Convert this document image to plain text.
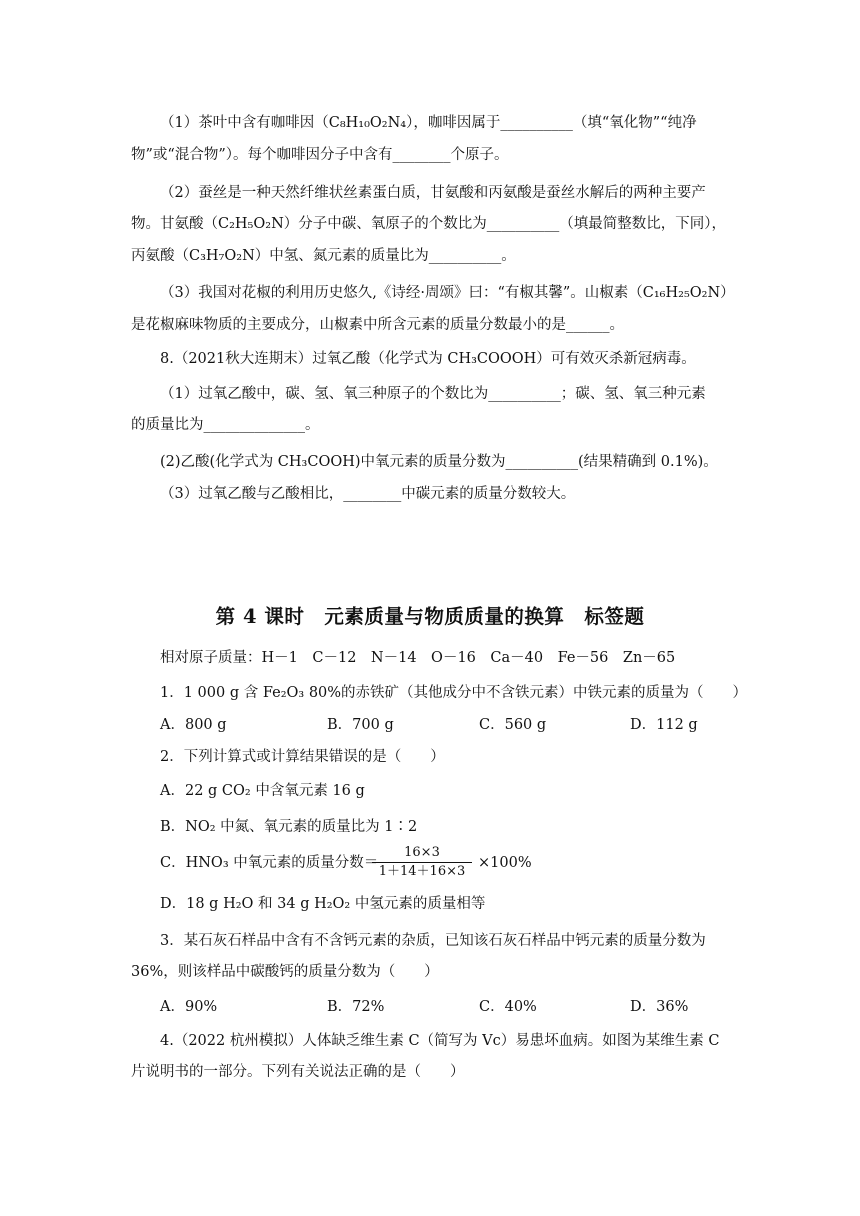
（1）茶叶中含有咖啡因（C₈H₁₀O₂N₄），咖啡因属于__________（填“氧化物”“纯净
物”或“混合物”）。每个咖啡因分子中含有________个原子。
（2）蚕丝是一种天然纤维状丝素蛋白质，甘氨酸和丙氨酸是蚕丝水解后的两种主要产
物。甘氨酸（C₂H₅O₂N）分子中碳、氧原子的个数比为__________（填最简整数比，下同），
丙氨酸（C₃H₇O₂N）中氢、氮元素的质量比为__________。
（3）我国对花椒的利用历史悠久,《诗经·周颂》曰：“有椒其馨”。山椒素（C₁₆H₂₅O₂N）
是花椒麻味物质的主要成分，山椒素中所含元素的质量分数最小的是______。
8.（2021秋大连期末）过氧乙酸（化学式为 CH₃COOOH）可有效灭杀新冠病毒。
（1）过氧乙酸中，碳、氢、氧三种原子的个数比为__________；碳、氢、氧三种元素
的质量比为______________。
(2)乙酸(化学式为 CH₃COOH)中氧元素的质量分数为__________(结果精确到 0.1%)。
（3）过氧乙酸与乙酸相比，________中碳元素的质量分数较大。
第 4 课时　元素质量与物质质量的换算　标签题
相对原子质量：H－1　C－12　N－14　O－16　Ca－40　Fe－56　Zn－65
1．1 000 g 含 Fe₂O₃ 80%的赤铁矿（其他成分中不含铁元素）中铁元素的质量为（　　）
A．800 g	B．700 g	C．560 g	D．112 g
2．下列计算式或计算结果错误的是（　　）
A．22 g CO₂ 中含氧元素 16 g
B．NO₂ 中氮、氧元素的质量比为 1∶2
C．HNO₃ 中氧元素的质量分数＝
16×3
1＋14＋16×3
×100%
D．18 g H₂O 和 34 g H₂O₂ 中氢元素的质量相等
3．某石灰石样品中含有不含钙元素的杂质，已知该石灰石样品中钙元素的质量分数为
36%，则该样品中碳酸钙的质量分数为（　　）
A．90%	B．72%	C．40%	D．36%
4.（2022 杭州模拟）人体缺乏维生素 C（简写为 Vc）易患坏血病。如图为某维生素 C
片说明书的一部分。下列有关说法正确的是（　　）
